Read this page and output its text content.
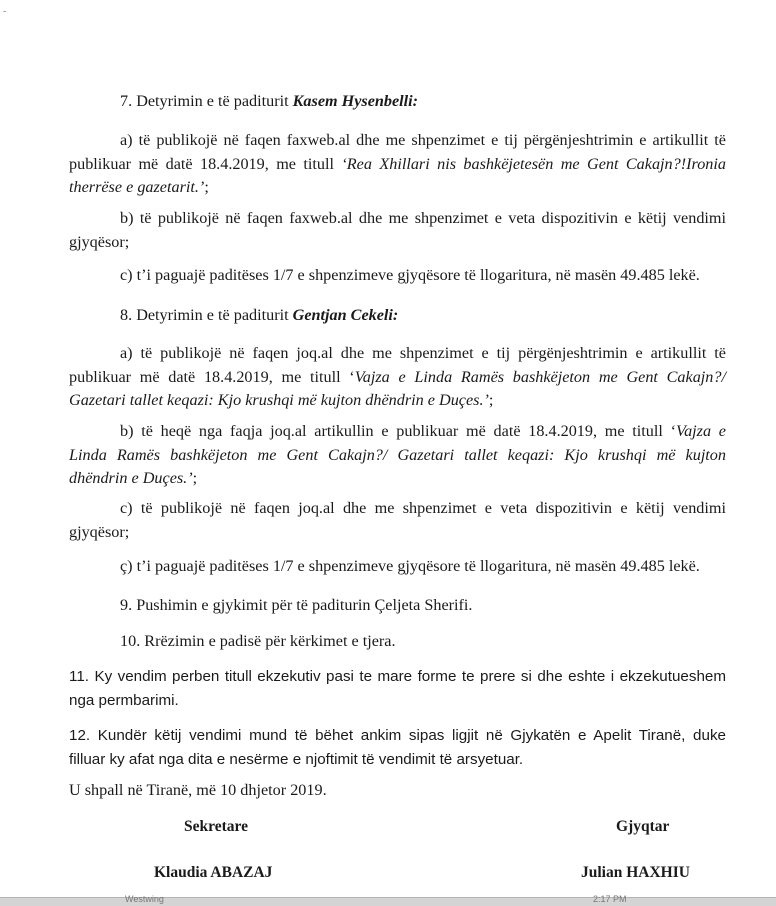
-

7. Detyrimin e të paditurit Kasem Hysenbelli:

a) të publikojë në faqen faxweb.al dhe me shpenzimet e tij përgënjeshtrimin e artikullit të
publikuar më datë 18.4.2019, me titull ‘Rea Xhillari nis bashkëjetesën me Gent Cakajn?!Ironia
therrëse e gazetarit.’;

b) të publikojë në faqen faxweb.al dhe me shpenzimet e veta dispozitivin e këtij vendimi
gjyqësor;

c) t’i paguajë paditëses 1/7 e shpenzimeve gjyqësore të llogaritura, në masën 49.485 lekë.

8. Detyrimin e të paditurit Gentjan Cekeli:

a) të publikojë në faqen joq.al dhe me shpenzimet e tij përgënjeshtrimin e artikullit të
publikuar më datë 18.4.2019, me titull ‘Vajza e Linda Ramës bashkëjeton me Gent Cakajn?/
Gazetari tallet keqazi: Kjo krushqi më kujton dhëndrin e Duçes.’;

b) të heqë nga faqja joq.al artikullin e publikuar më datë 18.4.2019, me titull ‘Vajza e
Linda Ramës bashkëjeton me Gent Cakajn?/ Gazetari tallet keqazi: Kjo krushqi më kujton
dhëndrin e Duçes.’;

c) të publikojë në faqen joq.al dhe me shpenzimet e veta dispozitivin e këtij vendimi
gjyqësor;

ç) t’i paguajë paditëses 1/7 e shpenzimeve gjyqësore të llogaritura, në masën 49.485 lekë.

9. Pushimin e gjykimit për të paditurin Çeljeta Sherifi.

10. Rrëzimin e padisë për kërkimet e tjera.

11. Ky vendim perben titull ekzekutiv pasi te mare forme te prere si dhe eshte i ekzekutueshem
nga permbarimi.

12. Kundër këtij vendimi mund të bëhet ankim sipas ligjit në Gjykatën e Apelit Tiranë, duke
filluar ky afat nga dita e nesërme e njoftimit të vendimit të arsyetuar.

U shpall në Tiranë, më 10 dhjetor 2019.

Sekretare	Gjyqtar
Klaudia ABAZAJ	Julian HAXHIU
Westwing	2:17 PM
